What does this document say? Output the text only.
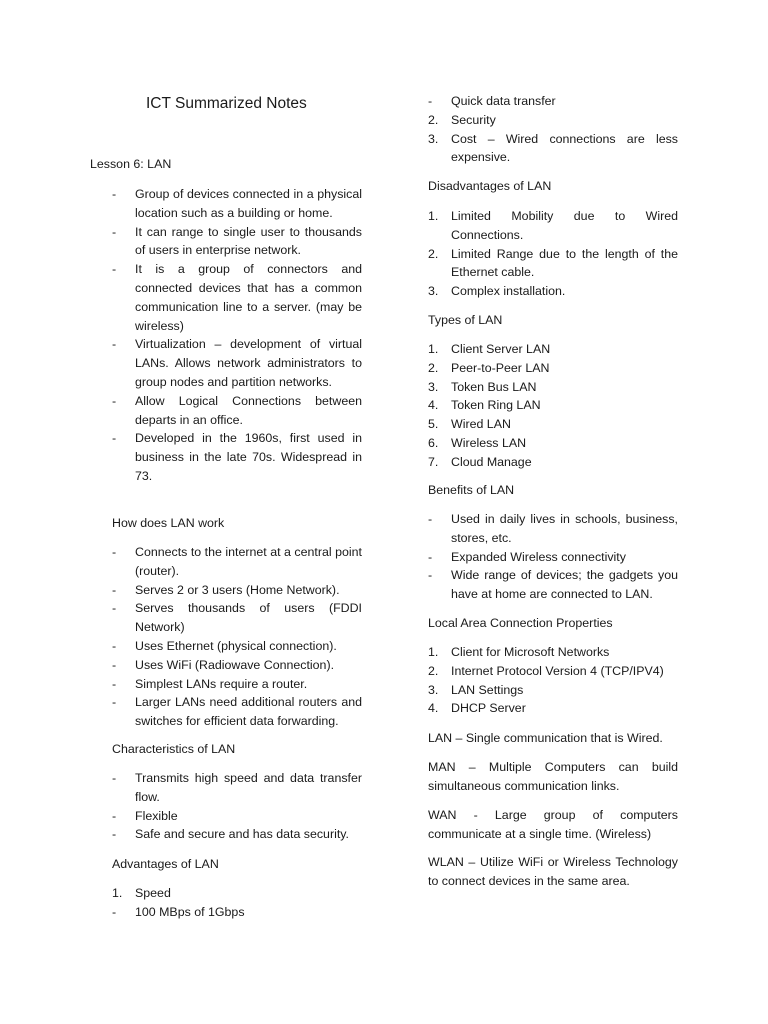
ICT Summarized Notes

Lesson 6: LAN

- Group of devices connected in a physical location such as a building or home.
- It can range to single user to thousands of users in enterprise network.
- It is a group of connectors and connected devices that has a common communication line to a server. (may be wireless)
- Virtualization – development of virtual LANs. Allows network administrators to group nodes and partition networks.
- Allow Logical Connections between departs in an office.
- Developed in the 1960s, first used in business in the late 70s. Widespread in 73.

How does LAN work

- Connects to the internet at a central point (router).
- Serves 2 or 3 users (Home Network).
- Serves thousands of users (FDDI Network)
- Uses Ethernet (physical connection).
- Uses WiFi (Radiowave Connection).
- Simplest LANs require a router.
- Larger LANs need additional routers and switches for efficient data forwarding.

Characteristics of LAN

- Transmits high speed and data transfer flow.
- Flexible
- Safe and secure and has data security.

Advantages of LAN

1. Speed
- 100 MBps of 1Gbps
- Quick data transfer
2. Security
3. Cost – Wired connections are less expensive.

Disadvantages of LAN

1. Limited Mobility due to Wired Connections.
2. Limited Range due to the length of the Ethernet cable.
3. Complex installation.

Types of LAN

1. Client Server LAN
2. Peer-to-Peer LAN
3. Token Bus LAN
4. Token Ring LAN
5. Wired LAN
6. Wireless LAN
7. Cloud Manage

Benefits of LAN

- Used in daily lives in schools, business, stores, etc.
- Expanded Wireless connectivity
- Wide range of devices; the gadgets you have at home are connected to LAN.

Local Area Connection Properties

1. Client for Microsoft Networks
2. Internet Protocol Version 4 (TCP/IPV4)
3. LAN Settings
4. DHCP Server

LAN – Single communication that is Wired.

MAN – Multiple Computers can build simultaneous communication links.

WAN - Large group of computers communicate at a single time. (Wireless)

WLAN – Utilize WiFi or Wireless Technology to connect devices in the same area.
